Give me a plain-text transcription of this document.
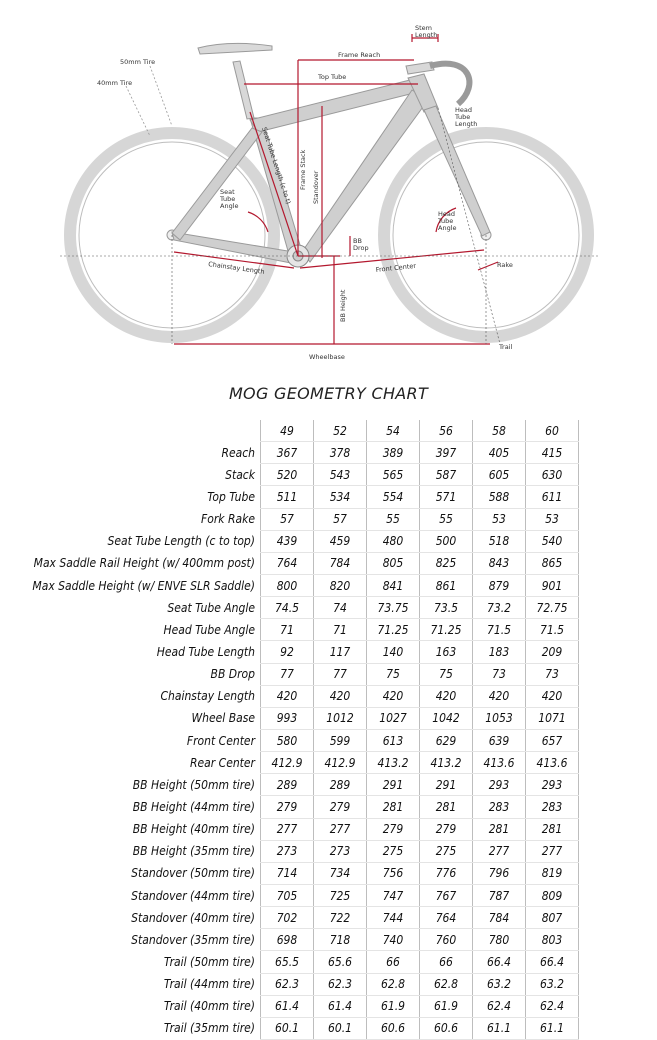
Stem Length
Frame Reach
Top Tube
50mm Tire
40mm Tire
Head Tube Length
Seat Tube Length (c to t) Frame Stack Standover
Seat Tube Angle
Head Tube Angle
BB Drop
Chainstay Length	Front Center	Rake
BB Height
Trail
Wheelbase
MOG GEOMETRY CHART
	49	52	54	56	58	60
Reach	367	378	389	397	405	415
Stack	520	543	565	587	605	630
Top Tube	511	534	554	571	588	611
Fork Rake	57	57	55	55	53	53
Seat Tube Length (c to top)	439	459	480	500	518	540
Max Saddle Rail Height (w/ 400mm post)	764	784	805	825	843	865
Max Saddle Height (w/ ENVE SLR Saddle)	800	820	841	861	879	901
Seat Tube Angle	74.5	74	73.75	73.5	73.2	72.75
Head Tube Angle	71	71	71.25	71.25	71.5	71.5
Head Tube Length	92	117	140	163	183	209
BB Drop	77	77	75	75	73	73
Chainstay Length	420	420	420	420	420	420
Wheel Base	993	1012	1027	1042	1053	1071
Front Center	580	599	613	629	639	657
Rear Center	412.9	412.9	413.2	413.2	413.6	413.6
BB Height (50mm tire)	289	289	291	291	293	293
BB Height (44mm tire)	279	279	281	281	283	283
BB Height (40mm tire)	277	277	279	279	281	281
BB Height (35mm tire)	273	273	275	275	277	277
Standover (50mm tire)	714	734	756	776	796	819
Standover (44mm tire)	705	725	747	767	787	809
Standover (40mm tire)	702	722	744	764	784	807
Standover (35mm tire)	698	718	740	760	780	803
Trail (50mm tire)	65.5	65.6	66	66	66.4	66.4
Trail (44mm tire)	62.3	62.3	62.8	62.8	63.2	63.2
Trail (40mm tire)	61.4	61.4	61.9	61.9	62.4	62.4
Trail (35mm tire)	60.1	60.1	60.6	60.6	61.1	61.1
